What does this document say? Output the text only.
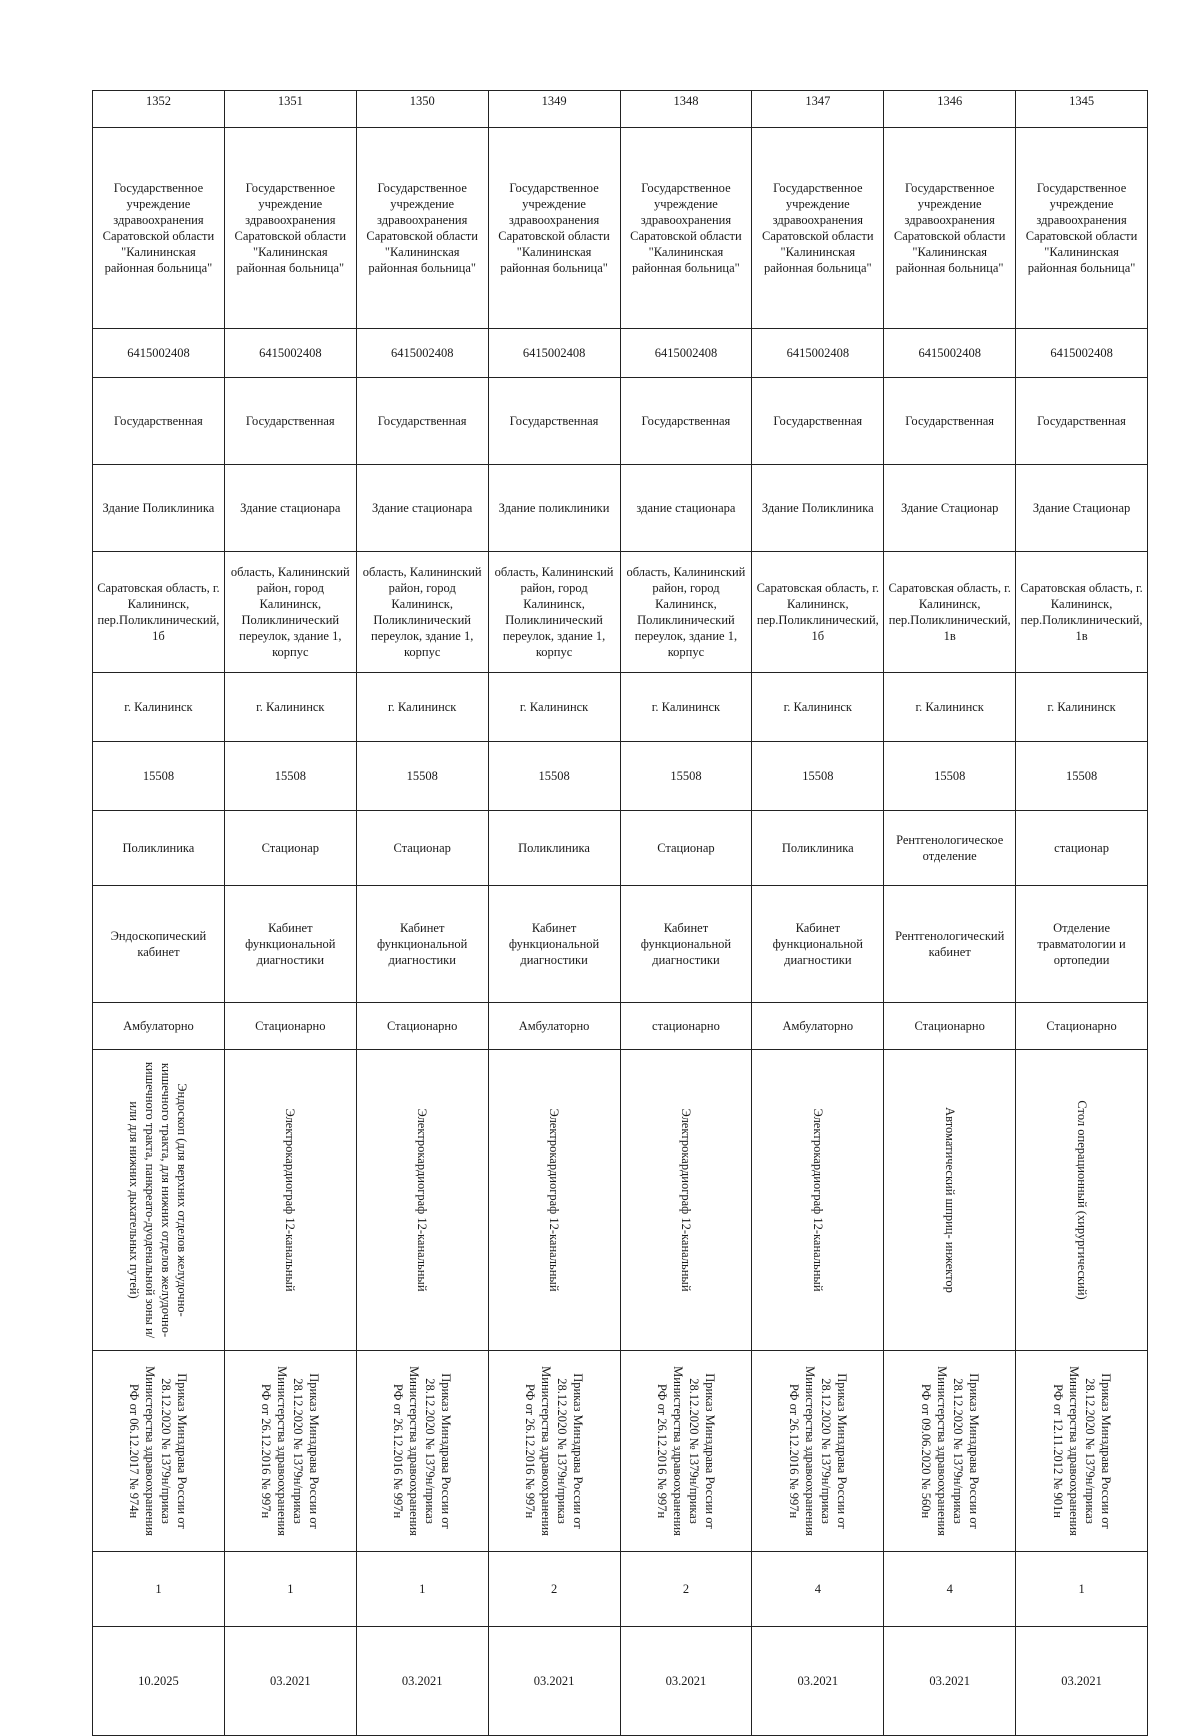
1352	1351	1350	1349	1348	1347	1346	1345
Государственное учреждение здравоохранения Саратовской области "Калининская районная больница"	Государственное учреждение здравоохранения Саратовской области "Калининская районная больница"	Государственное учреждение здравоохранения Саратовской области "Калининская районная больница"	Государственное учреждение здравоохранения Саратовской области "Калининская районная больница"	Государственное учреждение здравоохранения Саратовской области "Калининская районная больница"	Государственное учреждение здравоохранения Саратовской области "Калининская районная больница"	Государственное учреждение здравоохранения Саратовской области "Калининская районная больница"	Государственное учреждение здравоохранения Саратовской области "Калининская районная больница"
6415002408	6415002408	6415002408	6415002408	6415002408	6415002408	6415002408	6415002408
Государственная	Государственная	Государственная	Государственная	Государственная	Государственная	Государственная	Государственная
Здание Поликлиника	Здание стационара	Здание стационара	Здание поликлиники	здание стационара	Здание Поликлиника	Здание Стационар	Здание Стационар

Саратовская область, г. Калининск, пер.Поликлиничеcкий, 1б	область, Калининский район, город Калининск, Поликлинический переулок, здание 1, корпус	область, Калининский район, город Калининск, Поликлинический переулок, здание 1, корпус	область, Калининский район, город Калининск, Поликлинический переулок, здание 1, корпус	область, Калининский район, город Калининск, Поликлинический переулок, здание 1, корпус	Саратовская область, г. Калининск, пер.Поликлиничеcкий, 1б	Саратовская область, г. Калининск, пер.Поликлиничеcкий, 1в	Саратовская область, г. Калининск, пер.Поликлиничеcкий, 1в

г. Калининск	г. Калининск	г. Калининск	г. Калининск	г. Калининск	г. Калининск	г. Калининск	г. Калининск
15508	15508	15508	15508	15508	15508	15508	15508
Поликлиника	Стационар	Стационар	Поликлиника	Стационар	Поликлиника	Рентгенологическое отделение	стационар
Эндоскопический кабинет	Кабинет функциональной диагностики	Кабинет функциональной диагностики	Кабинет функциональной диагностики	Кабинет функциональной диагностики	Кабинет функциональной диагностики	Рентгенологический кабинет	Отделение травматологии и ортопедии
Амбулаторно	Стационарно	Стационарно	Амбулаторно	стационарно	Амбулаторно	Стационарно	Стационарно

Эндоскоп (для верхних отделов желудочно-кишечного тракта, для нижних отделов желудочно-кишечного тракта, панкреато-дуоденальной зоны и/или для нижних дыхательных путей)	Электрокардиограф 12-канальный	Электрокардиограф 12-канальный	Электрокардиограф 12-канальный	Электрокардиограф 12-канальный	Электрокардиограф 12-канальный	Автоматический шприц- инжектор	Стол операционный (хирургический)

Приказ Минздрава России от 28.12.2020 № 1379н/приказ Министерства здравоохранения РФ от 06.12.2017 № 974н	Приказ Минздрава России от 28.12.2020 № 1379н/приказ Министерства здравоохранения РФ от 26.12.2016 № 997н	Приказ Минздрава России от 28.12.2020 № 1379н/приказ Министерства здравоохранения РФ от 26.12.2016 № 997н	Приказ Минздрава России от 28.12.2020 № 1379н/приказ Министерства здравоохранения РФ от 26.12.2016 № 997н	Приказ Минздрава России от 28.12.2020 № 1379н/приказ Министерства здравоохранения РФ от 26.12.2016 № 997н	Приказ Минздрава России от 28.12.2020 № 1379н/приказ Министерства здравоохранения РФ от 26.12.2016 № 997н	Приказ Минздрава России от 28.12.2020 № 1379н/приказ Министерства здравоохранения РФ от 09.06.2020 № 560н	Приказ Минздрава России от 28.12.2020 № 1379н/приказ Министерства здравоохранения РФ от 12.11.2012 № 901н

1	1	1	2	2	4	4	1
10.2025	03.2021	03.2021	03.2021	03.2021	03.2021	03.2021	03.2021
